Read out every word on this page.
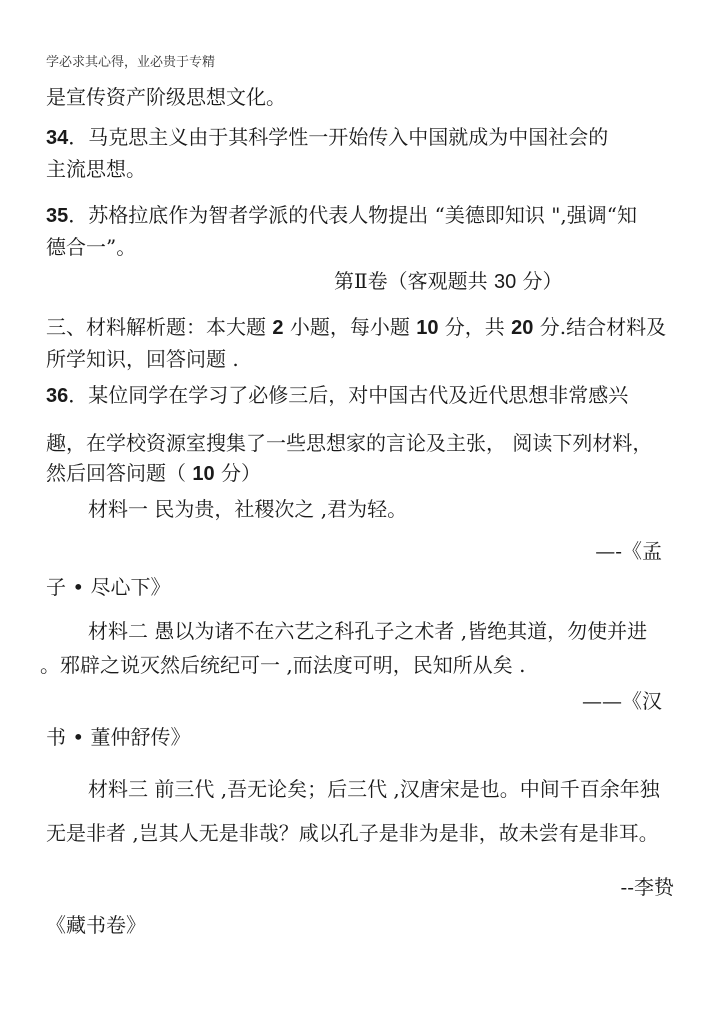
学必求其心得，业必贵于专精
是宣传资产阶级思想文化。
34．马克思主义由于其科学性一开始传入中国就成为中国社会的
主流思想。
35．苏格拉底作为智者学派的代表人物提出 “美德即知识 ",强调“知
德合一”。
第Ⅱ卷（客观题共 30 分）
三、材料解析题：本大题 2 小题，每小题 10 分，共 20 分.结合材料及
所学知识，回答问题 .
36．某位同学在学习了必修三后，对中国古代及近代思想非常感兴
趣，在学校资源室搜集了一些思想家的言论及主张， 阅读下列材料，
然后回答问题（ 10 分）
材料一 民为贵，社稷次之 ,君为轻。
—-《孟
子 • 尽心下》
材料二 愚以为诸不在六艺之科孔子之术者 ,皆绝其道，勿使并进
。邪辟之说灭然后统纪可一 ,而法度可明，民知所从矣 .
——《汉
书 • 董仲舒传》
材料三 前三代 ,吾无论矣；后三代 ,汉唐宋是也。中间千百余年独
无是非者 ,岂其人无是非哉？咸以孔子是非为是非，故未尝有是非耳。
--李贽
《藏书卷》
